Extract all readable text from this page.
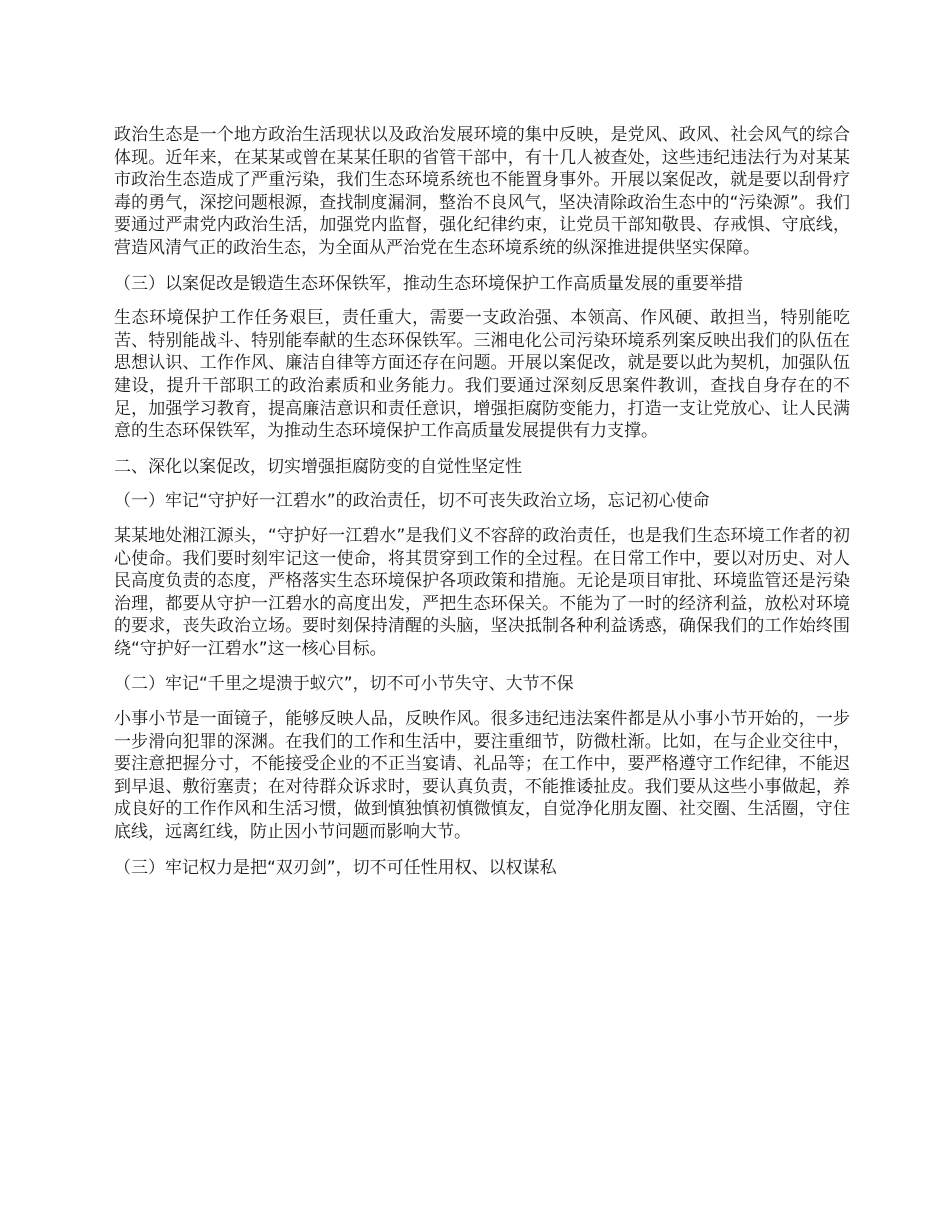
政治生态是一个地方政治生活现状以及政治发展环境的集中反映，是党风、政风、社会风气的综合体现。近年来，在某某或曾在某某任职的省管干部中，有十几人被查处，这些违纪违法行为对某某市政治生态造成了严重污染，我们生态环境系统也不能置身事外。开展以案促改，就是要以刮骨疗毒的勇气，深挖问题根源，查找制度漏洞，整治不良风气，坚决清除政治生态中的“污染源”。我们要通过严肃党内政治生活，加强党内监督，强化纪律约束，让党员干部知敬畏、存戒惧、守底线，营造风清气正的政治生态，为全面从严治党在生态环境系统的纵深推进提供坚实保障。

（三）以案促改是锻造生态环保铁军，推动生态环境保护工作高质量发展的重要举措

生态环境保护工作任务艰巨，责任重大，需要一支政治强、本领高、作风硬、敢担当，特别能吃苦、特别能战斗、特别能奉献的生态环保铁军。三湘电化公司污染环境系列案反映出我们的队伍在思想认识、工作作风、廉洁自律等方面还存在问题。开展以案促改，就是要以此为契机，加强队伍建设，提升干部职工的政治素质和业务能力。我们要通过深刻反思案件教训，查找自身存在的不足，加强学习教育，提高廉洁意识和责任意识，增强拒腐防变能力，打造一支让党放心、让人民满意的生态环保铁军，为推动生态环境保护工作高质量发展提供有力支撑。

二、深化以案促改，切实增强拒腐防变的自觉性坚定性

（一）牢记“守护好一江碧水”的政治责任，切不可丧失政治立场，忘记初心使命

某某地处湘江源头，“守护好一江碧水”是我们义不容辞的政治责任，也是我们生态环境工作者的初心使命。我们要时刻牢记这一使命，将其贯穿到工作的全过程。在日常工作中，要以对历史、对人民高度负责的态度，严格落实生态环境保护各项政策和措施。无论是项目审批、环境监管还是污染治理，都要从守护一江碧水的高度出发，严把生态环保关。不能为了一时的经济利益，放松对环境的要求，丧失政治立场。要时刻保持清醒的头脑，坚决抵制各种利益诱惑，确保我们的工作始终围绕“守护好一江碧水”这一核心目标。

（二）牢记“千里之堤溃于蚁穴”，切不可小节失守、大节不保

小事小节是一面镜子，能够反映人品，反映作风。很多违纪违法案件都是从小事小节开始的，一步一步滑向犯罪的深渊。在我们的工作和生活中，要注重细节，防微杜渐。比如，在与企业交往中，要注意把握分寸，不能接受企业的不正当宴请、礼品等；在工作中，要严格遵守工作纪律，不能迟到早退、敷衍塞责；在对待群众诉求时，要认真负责，不能推诿扯皮。我们要从这些小事做起，养成良好的工作作风和生活习惯，做到慎独慎初慎微慎友，自觉净化朋友圈、社交圈、生活圈，守住底线，远离红线，防止因小节问题而影响大节。

（三）牢记权力是把“双刃剑”，切不可任性用权、以权谋私
